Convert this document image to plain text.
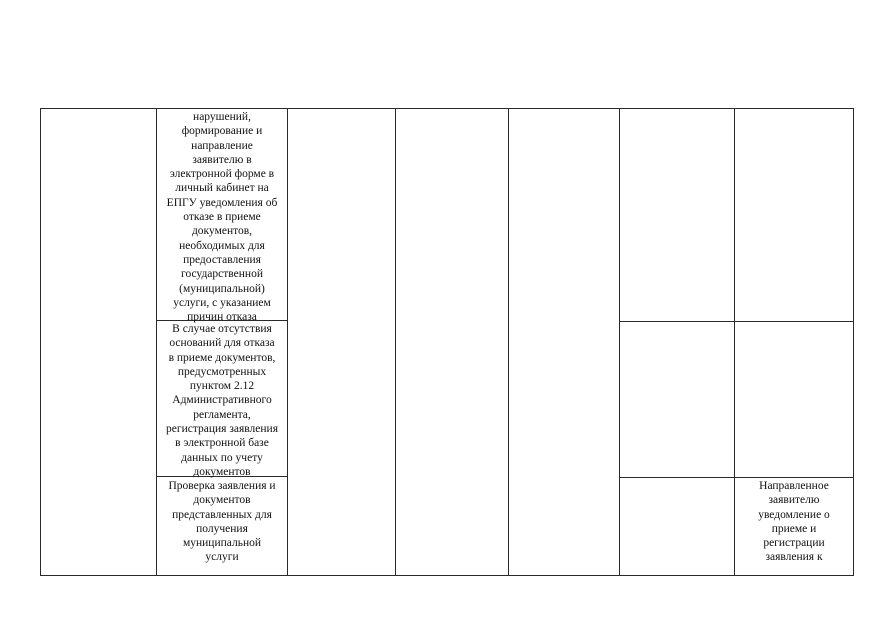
нарушений,
формирование и
направление
заявителю в
электронной форме в
личный кабинет на
ЕПГУ уведомления об
отказе в приеме
документов,
необходимых для
предоставления
государственной
(муниципальной)
услуги, с указанием
причин отказа
В случае отсутствия
оснований для отказа
в приеме документов,
предусмотренных
пунктом 2.12
Административного
регламента,
регистрация заявления
в электронной базе
данных по учету
документов
Проверка заявления и
документов
представленных для
получения
муниципальной
услуги
Направленное
заявителю
уведомление о
приеме и
регистрации
заявления к
